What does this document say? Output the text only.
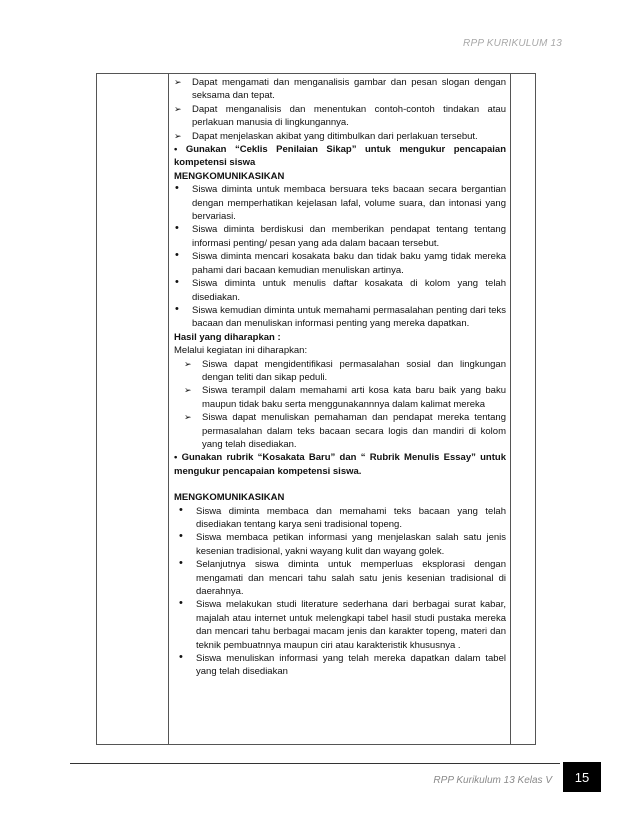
RPP KURIKULUM 13
➢ Dapat mengamati dan menganalisis gambar dan pesan slogan dengan seksama dan tepat.
➢ Dapat menganalisis dan menentukan contoh-contoh tindakan atau perlakuan manusia di lingkungannya.
➢ Dapat menjelaskan akibat yang ditimbulkan dari perlakuan tersebut.
• Gunakan “Ceklis Penilaian Sikap” untuk mengukur pencapaian kompetensi siswa
MENGKOMUNIKASIKAN
• Siswa diminta untuk membaca bersuara teks bacaan secara bergantian dengan memperhatikan kejelasan lafal, volume suara, dan intonasi yang bervariasi.
• Siswa diminta berdiskusi dan memberikan pendapat tentang tentang informasi penting/ pesan yang ada dalam bacaan tersebut.
• Siswa diminta mencari kosakata baku dan tidak baku yamg tidak mereka pahami dari bacaan kemudian menuliskan artinya.
• Siswa diminta untuk menulis daftar kosakata di kolom yang telah disediakan.
• Siswa kemudian diminta untuk memahami permasalahan penting dari teks bacaan dan menuliskan informasi penting yang mereka dapatkan.
Hasil yang diharapkan :
Melalui kegiatan ini diharapkan:
➢ Siswa dapat mengidentifikasi permasalahan sosial dan lingkungan dengan teliti dan sikap peduli.
➢ Siswa terampil dalam memahami arti kosa kata baru baik yang baku maupun tidak baku serta menggunakannnya dalam kalimat mereka
➢ Siswa dapat menuliskan pemahaman dan pendapat mereka tentang permasalahan dalam teks bacaan secara logis dan mandiri di kolom yang telah disediakan.
• Gunakan rubrik “Kosakata Baru” dan “ Rubrik Menulis Essay” untuk mengukur pencapaian kompetensi siswa.
MENGKOMUNIKASIKAN
• Siswa diminta membaca dan memahami teks bacaan yang telah disediakan tentang karya seni tradisional topeng.
• Siswa membaca petikan informasi yang menjelaskan salah satu jenis kesenian tradisional, yakni wayang kulit dan wayang golek.
• Selanjutnya siswa diminta untuk memperluas eksplorasi dengan mengamati dan mencari tahu salah satu jenis kesenian tradisional di daerahnya.
• Siswa melakukan studi literature sederhana dari berbagai surat kabar, majalah atau internet untuk melengkapi tabel hasil studi pustaka mereka dan mencari tahu berbagai macam jenis dan karakter topeng, materi dan teknik pembuatnnya maupun ciri atau karakteristik khususnya .
• Siswa menuliskan informasi yang telah mereka dapatkan dalam tabel yang telah disediakan
RPP Kurikulum 13 Kelas V	15
